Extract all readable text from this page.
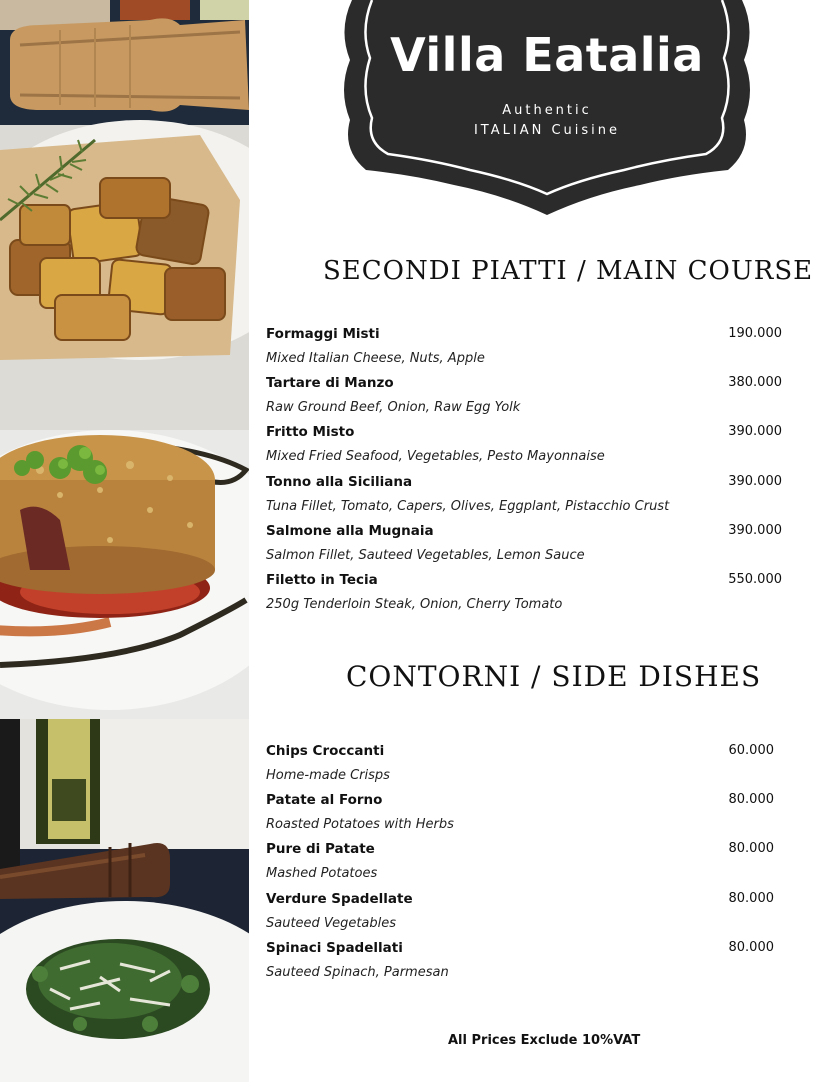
Villa Eatalia
Authentic
ITALIAN Cuisine
SECONDI PIATTI / MAIN COURSE
Formaggi Misti	190.000
Mixed Italian Cheese, Nuts, Apple
Tartare di Manzo	380.000
Raw Ground Beef, Onion, Raw Egg Yolk
Fritto Misto	390.000
Mixed Fried Seafood, Vegetables, Pesto Mayonnaise
Tonno alla Siciliana	390.000
Tuna Fillet, Tomato, Capers, Olives, Eggplant, Pistacchio Crust
Salmone alla Mugnaia	390.000
Salmon Fillet, Sauteed Vegetables, Lemon Sauce
Filetto in Tecia	550.000
250g Tenderloin Steak, Onion, Cherry Tomato
CONTORNI / SIDE DISHES
Chips Croccanti	60.000
Home-made Crisps
Patate al Forno	80.000
Roasted Potatoes with Herbs
Pure di Patate	80.000
Mashed Potatoes
Verdure Spadellate	80.000
Sauteed Vegetables
Spinaci Spadellati	80.000
Sauteed Spinach, Parmesan
All Prices Exclude 10%VAT
